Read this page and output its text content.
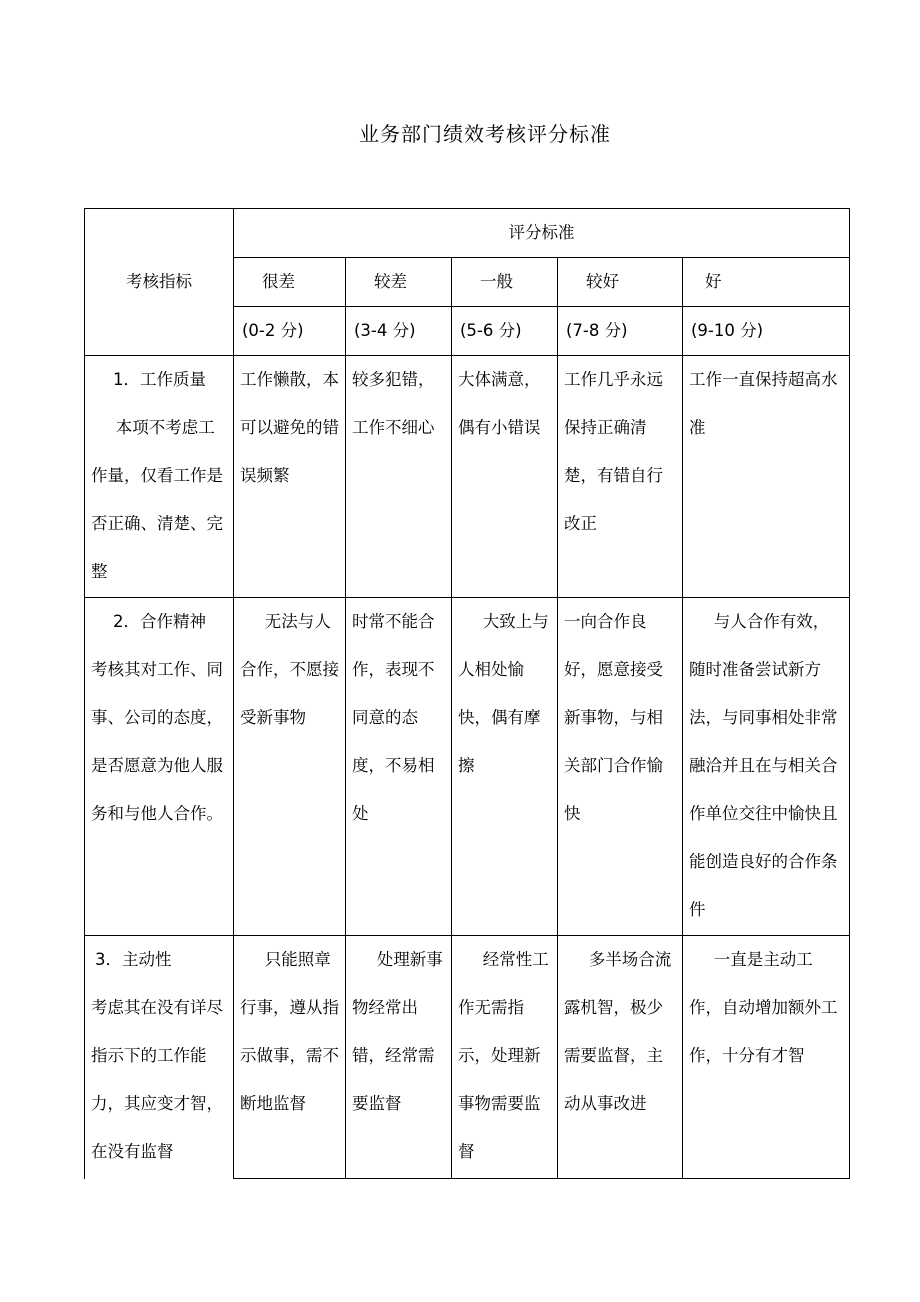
业务部门绩效考核评分标准
	评分标准				
考核指标	很差	较差	一般	较好	好
	(0-2 分)	(3-4 分)	(5-6 分)	(7-8 分)	(9-10 分)

1．工作质量
本项不考虑工作量，仅看工作是否正确、清楚、完整	工作懒散，本可以避免的错误频繁	较多犯错，工作不细心	大体满意，偶有小错误	工作几乎永远保持正确清楚，有错自行改正	工作一直保持超高水准

2．合作精神
考核其对工作、同事、公司的态度，是否愿意为他人服务和与他人合作。	无法与人合作，不愿接受新事物	时常不能合作，表现不同意的态度，不易相处	大致上与人相处愉快，偶有摩擦	一向合作良好，愿意接受新事物，与相关部门合作愉快	与人合作有效，随时准备尝试新方法，与同事相处非常融洽并且在与相关合作单位交往中愉快且能创造良好的合作条件

3．主动性
考虑其在没有详尽指示下的工作能力，其应变才智，在没有监督	只能照章行事，遵从指示做事，需不断地监督	处理新事物经常出错，经常需要监督	经常性工作无需指示，处理新事物需要监督	多半场合流露机智，极少需要监督，主动从事改进	一直是主动工作，自动增加额外工作，十分有才智
